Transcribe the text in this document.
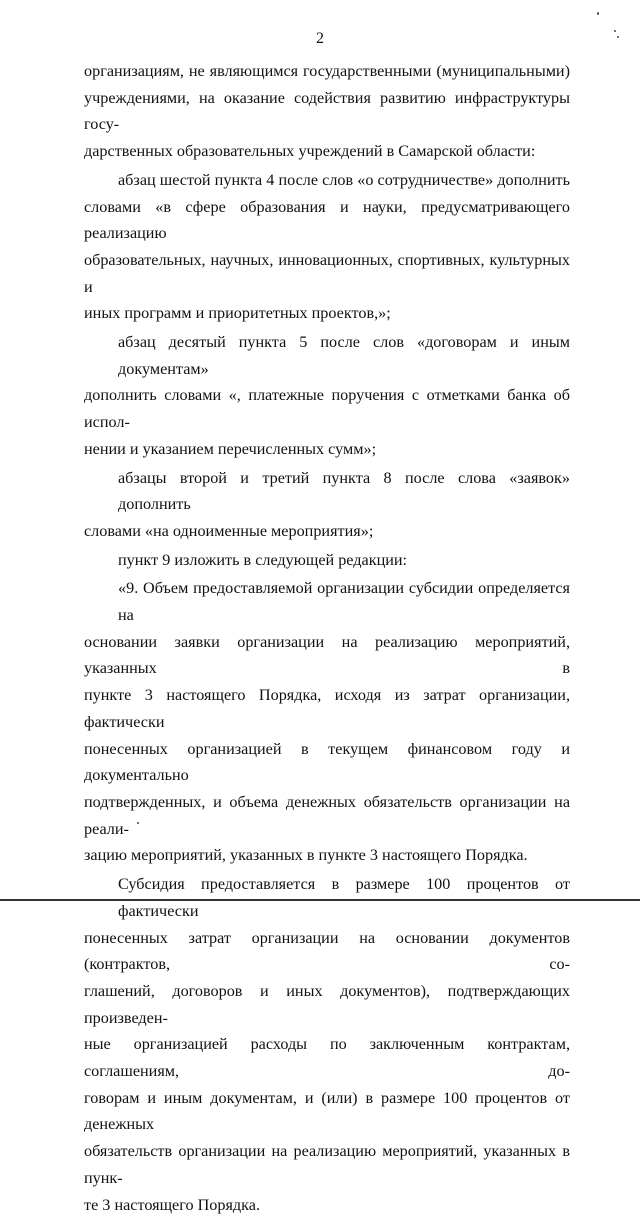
2

организациям, не являющимся государственными (муниципальными)
учреждениями, на оказание содействия развитию инфраструктуры госу-
дарственных образовательных учреждений в Самарской области:

абзац шестой пункта 4 после слов «о сотрудничестве» дополнить
словами «в сфере образования и науки, предусматривающего реализацию
образовательных, научных, инновационных, спортивных, культурных и
иных программ и приоритетных проектов,»;

абзац десятый пункта 5 после слов «договорам и иным документам»
дополнить словами «, платежные поручения с отметками банка об испол-
нении и указанием перечисленных сумм»;

абзацы второй и третий пункта 8 после слова «заявок» дополнить
словами «на одноименные мероприятия»;

пункт 9 изложить в следующей редакции:

«9. Объем предоставляемой организации субсидии определяется на
основании заявки организации на реализацию мероприятий, указанных в
пункте 3 настоящего Порядка, исходя из затрат организации, фактически
понесенных организацией в текущем финансовом году и документально
подтвержденных, и объема денежных обязательств организации на реали-
зацию мероприятий, указанных в пункте 3 настоящего Порядка.

Субсидия предоставляется в размере 100 процентов от фактически
понесенных затрат организации на основании документов (контрактов, со-
глашений, договоров и иных документов), подтверждающих произведен-
ные организацией расходы по заключенным контрактам, соглашениям, до-
говорам и иным документам, и (или) в размере 100 процентов от денежных
обязательств организации на реализацию мероприятий, указанных в пунк-
те 3 настоящего Порядка.
